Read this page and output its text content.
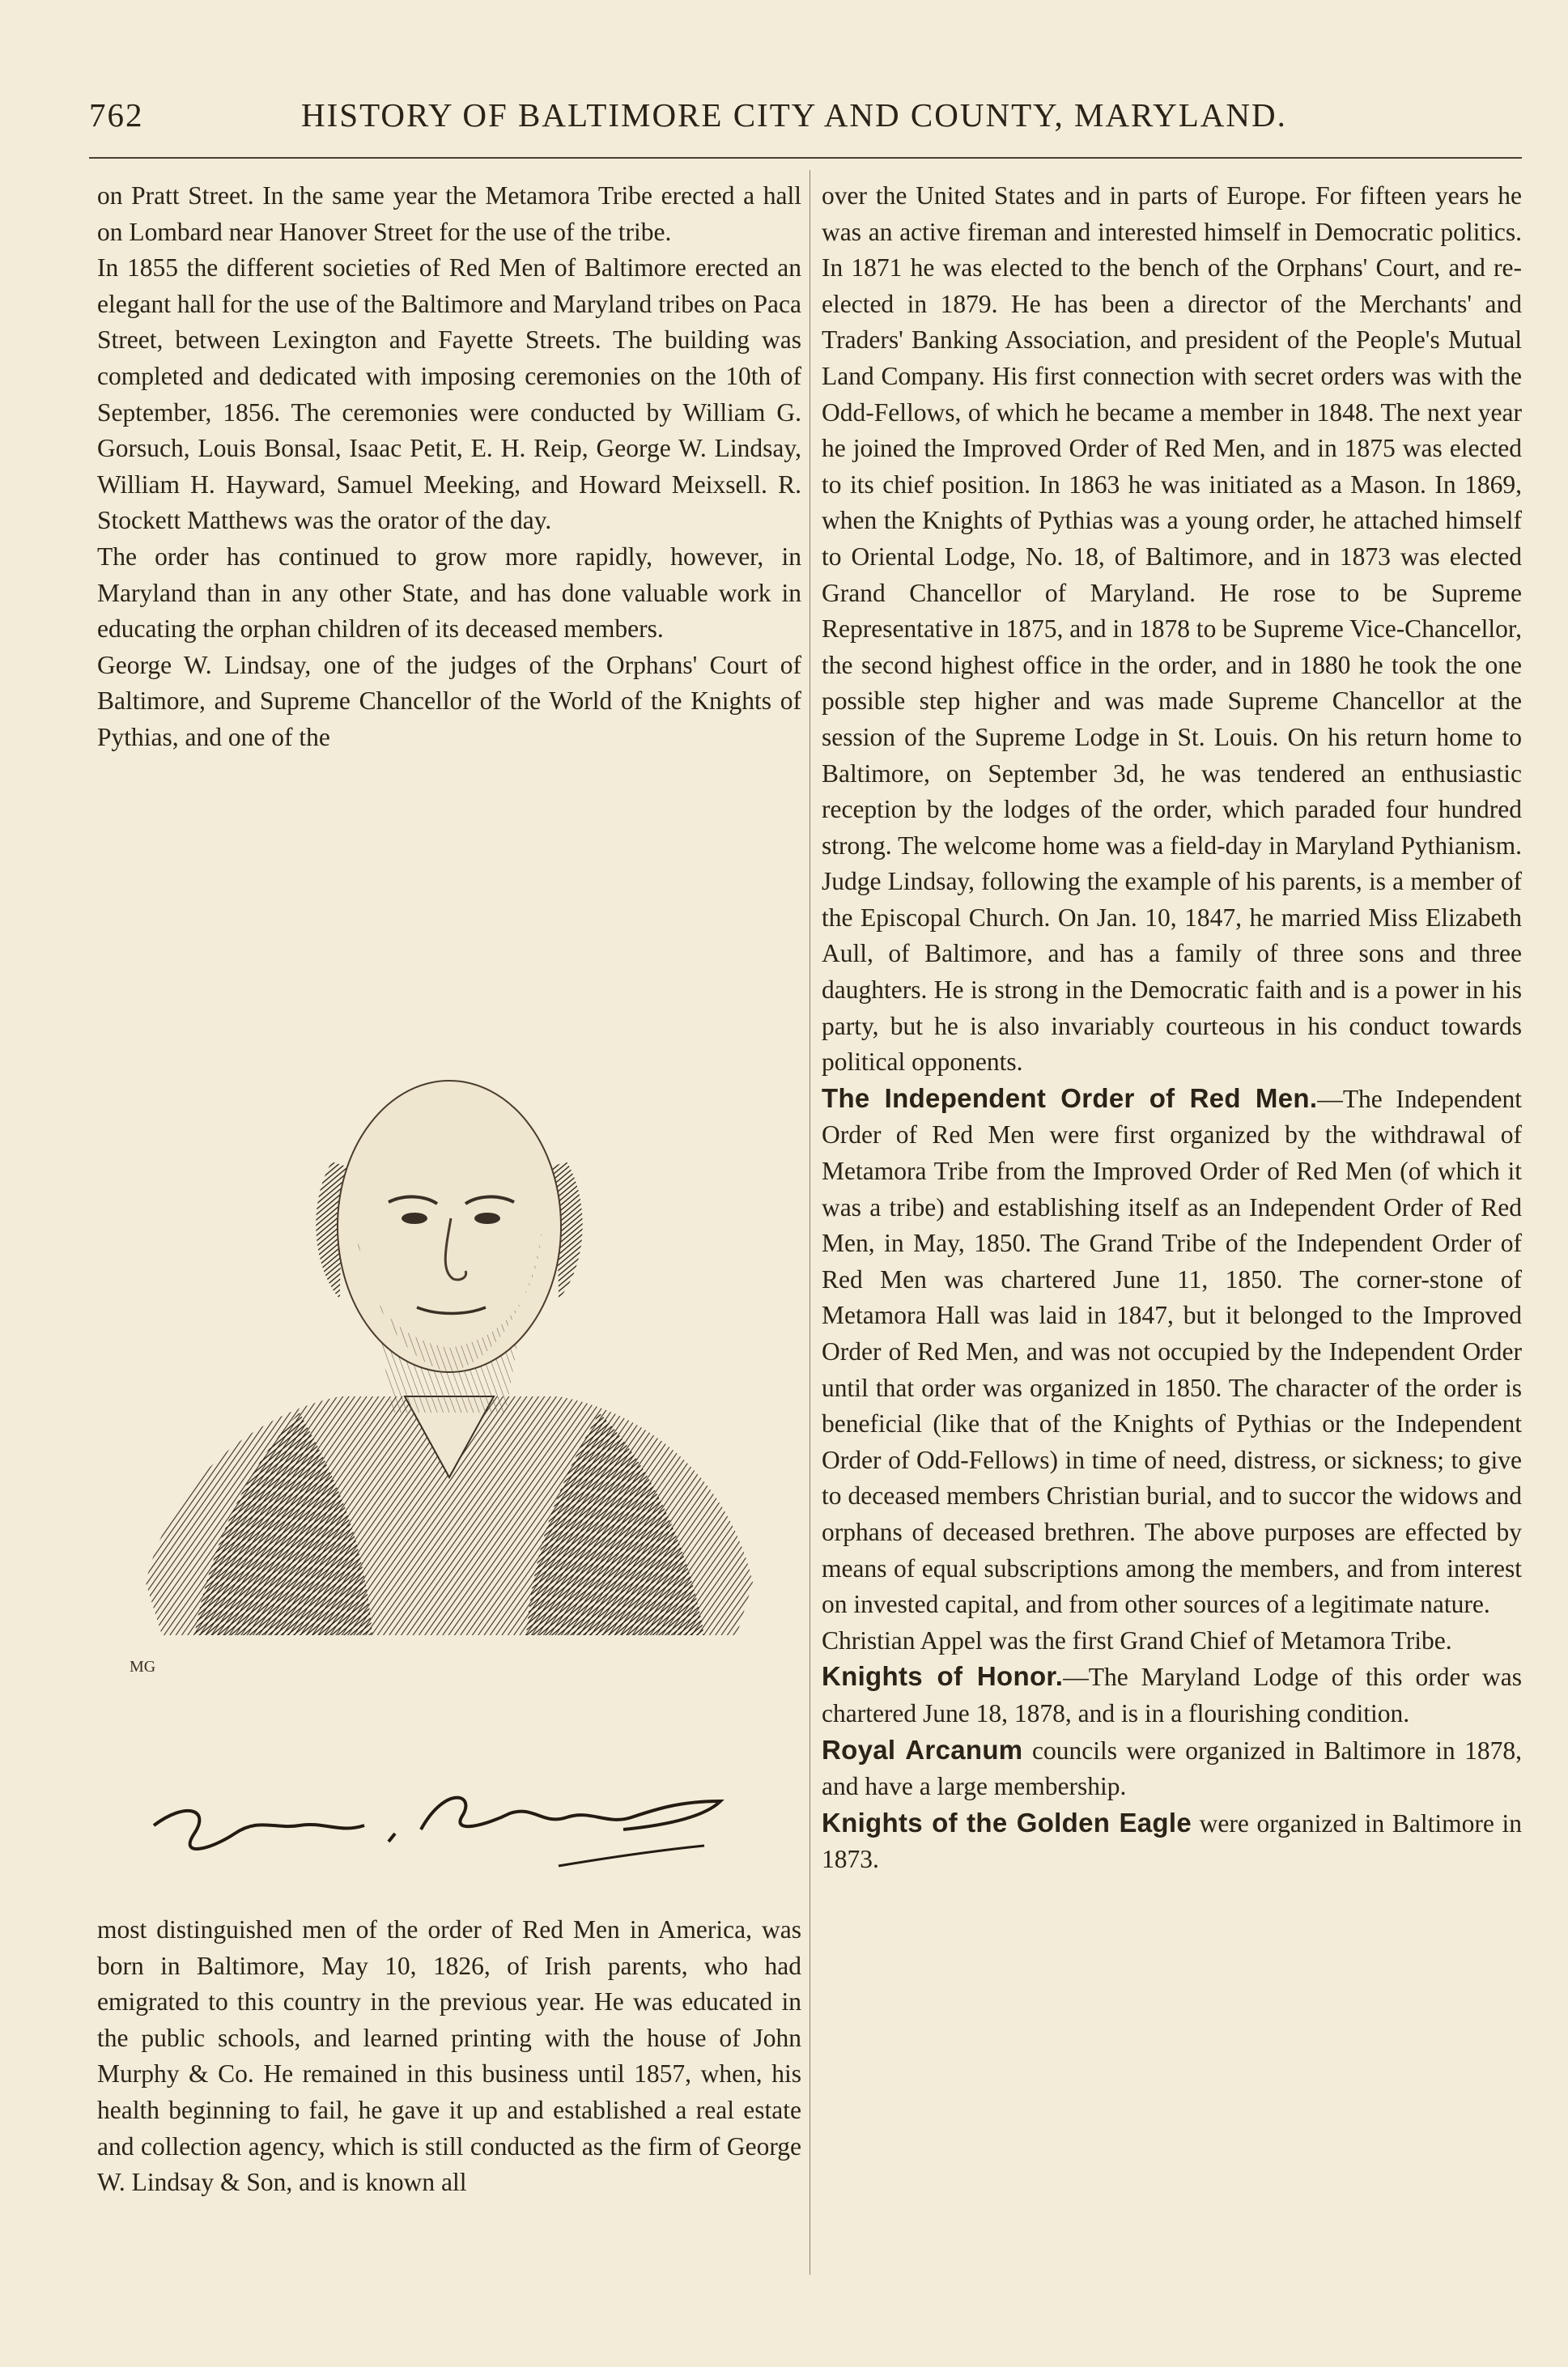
762	HISTORY OF BALTIMORE CITY AND COUNTY, MARYLAND.

on Pratt Street. In the same year the Metamora Tribe erected a hall on Lombard near Hanover Street for the use of the tribe.

In 1855 the different societies of Red Men of Baltimore erected an elegant hall for the use of the Baltimore and Maryland tribes on Paca Street, between Lexington and Fayette Streets. The building was completed and dedicated with imposing ceremonies on the 10th of September, 1856. The ceremonies were conducted by William G. Gorsuch, Louis Bonsal, Isaac Petit, E. H. Reip, George W. Lindsay, William H. Hayward, Samuel Meeking, and Howard Meixsell. R. Stockett Matthews was the orator of the day.

The order has continued to grow more rapidly, however, in Maryland than in any other State, and has done valuable work in educating the orphan children of its deceased members.

George W. Lindsay, one of the judges of the Orphans' Court of Baltimore, and Supreme Chancellor of the World of the Knights of Pythias, and one of the

MG

most distinguished men of the order of Red Men in America, was born in Baltimore, May 10, 1826, of Irish parents, who had emigrated to this country in the previous year. He was educated in the public schools, and learned printing with the house of John Murphy & Co. He remained in this business until 1857, when, his health beginning to fail, he gave it up and established a real estate and collection agency, which is still conducted as the firm of George W. Lindsay & Son, and is known all

over the United States and in parts of Europe. For fifteen years he was an active fireman and interested himself in Democratic politics. In 1871 he was elected to the bench of the Orphans' Court, and re-elected in 1879. He has been a director of the Merchants' and Traders' Banking Association, and president of the People's Mutual Land Company. His first connection with secret orders was with the Odd-Fellows, of which he became a member in 1848. The next year he joined the Improved Order of Red Men, and in 1875 was elected to its chief position. In 1863 he was initiated as a Mason. In 1869, when the Knights of Pythias was a young order, he attached himself to Oriental Lodge, No. 18, of Baltimore, and in 1873 was elected Grand Chancellor of Maryland. He rose to be Supreme Representative in 1875, and in 1878 to be Supreme Vice-Chancellor, the second highest office in the order, and in 1880 he took the one possible step higher and was made Supreme Chancellor at the session of the Supreme Lodge in St. Louis. On his return home to Baltimore, on September 3d, he was tendered an enthusiastic reception by the lodges of the order, which paraded four hundred strong. The welcome home was a field-day in Maryland Pythianism. Judge Lindsay, following the example of his parents, is a member of the Episcopal Church. On Jan. 10, 1847, he married Miss Elizabeth Aull, of Baltimore, and has a family of three sons and three daughters. He is strong in the Democratic faith and is a power in his party, but he is also invariably courteous in his conduct towards political opponents.

The Independent Order of Red Men.—The Independent Order of Red Men were first organized by the withdrawal of Metamora Tribe from the Improved Order of Red Men (of which it was a tribe) and establishing itself as an Independent Order of Red Men, in May, 1850. The Grand Tribe of the Independent Order of Red Men was chartered June 11, 1850. The corner-stone of Metamora Hall was laid in 1847, but it belonged to the Improved Order of Red Men, and was not occupied by the Independent Order until that order was organized in 1850. The character of the order is beneficial (like that of the Knights of Pythias or the Independent Order of Odd-Fellows) in time of need, distress, or sickness; to give to deceased members Christian burial, and to succor the widows and orphans of deceased brethren. The above purposes are effected by means of equal subscriptions among the members, and from interest on invested capital, and from other sources of a legitimate nature.

Christian Appel was the first Grand Chief of Metamora Tribe.

Knights of Honor.—The Maryland Lodge of this order was chartered June 18, 1878, and is in a flourishing condition.

Royal Arcanum councils were organized in Baltimore in 1878, and have a large membership.

Knights of the Golden Eagle were organized in Baltimore in 1873.
